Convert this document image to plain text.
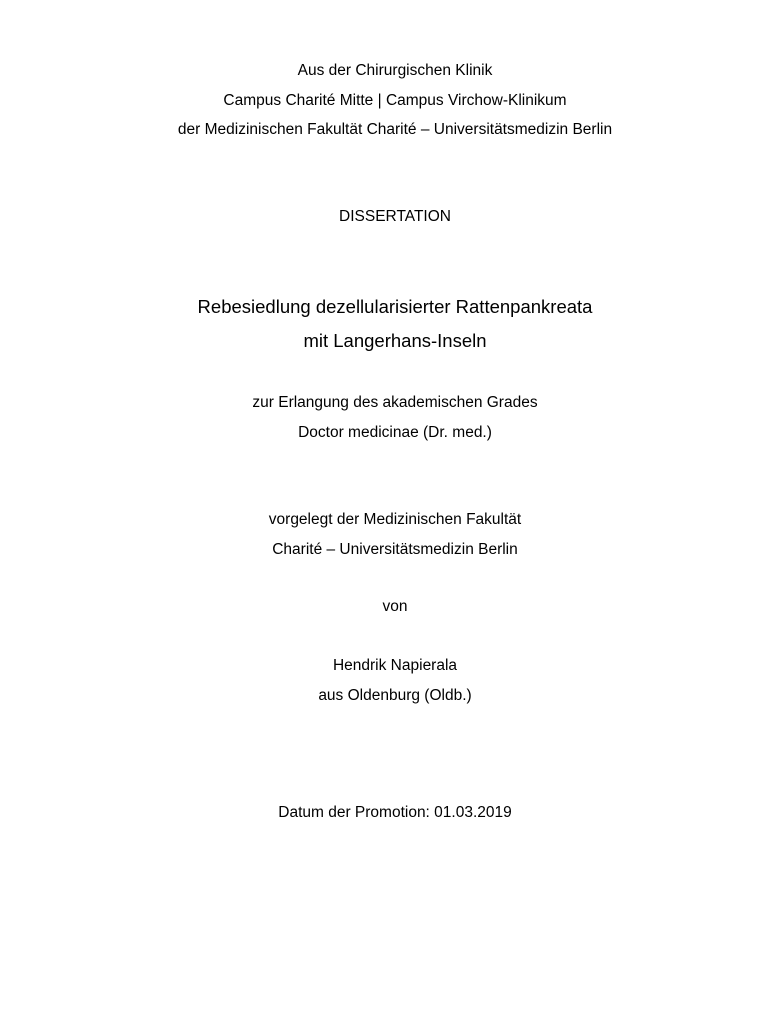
Aus der Chirurgischen Klinik
Campus Charité Mitte | Campus Virchow-Klinikum
der Medizinischen Fakultät Charité – Universitätsmedizin Berlin
DISSERTATION
Rebesiedlung dezellularisierter Rattenpankreata
mit Langerhans-Inseln
zur Erlangung des akademischen Grades
Doctor medicinae (Dr. med.)
vorgelegt der Medizinischen Fakultät
Charité – Universitätsmedizin Berlin
von
Hendrik Napierala
aus Oldenburg (Oldb.)
Datum der Promotion: 01.03.2019
